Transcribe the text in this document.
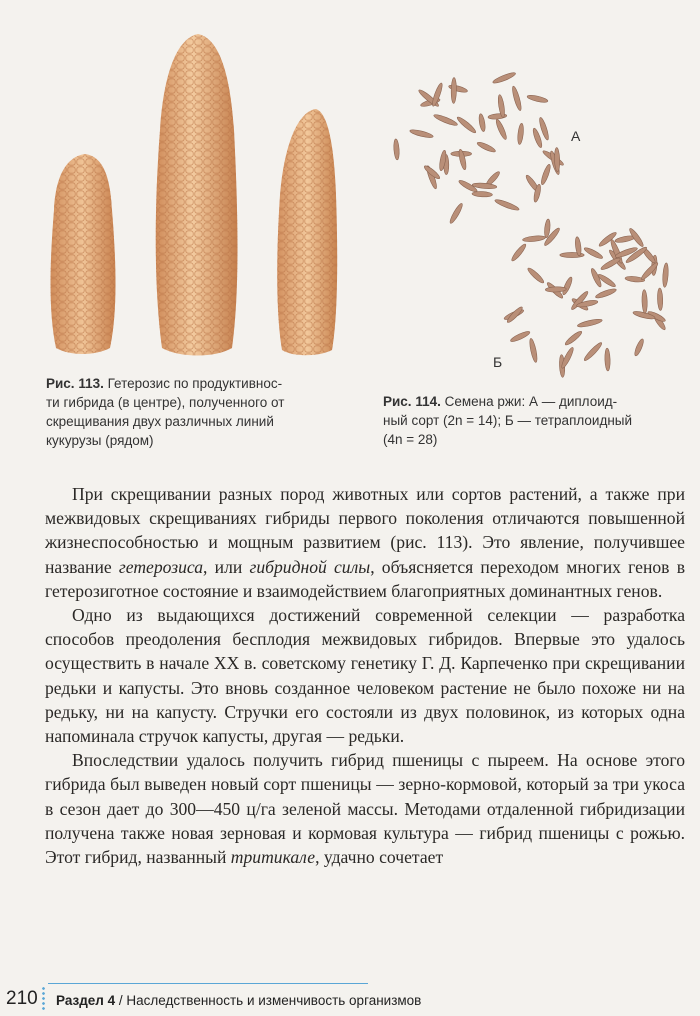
А
Б
Рис. 113. Гетерозис по продуктивнос-
ти гибрида (в центре), полученного от
скрещивания двух различных линий
кукурузы (рядом)
Рис. 114. Семена ржи: А — диплоид-
ный сорт (2n = 14); Б — тетраплоидный
(4n = 28)

При скрещивании разных пород животных или сортов растений, а также при межвидовых скрещиваниях гибриды первого поколения отличаются повышенной жизнеспособностью и мощным развитием (рис. 113). Это явление, получившее название гетерозиса, или гибридной силы, объясняется переходом многих генов в гетерозиготное состояние и взаимодействием благоприятных доминантных генов.

Одно из выдающихся достижений современной селекции — разработка способов преодоления бесплодия межвидовых гибридов. Впервые это удалось осуществить в начале XX в. советскому генетику Г. Д. Карпеченко при скрещивании редьки и капусты. Это вновь созданное человеком растение не было похоже ни на редьку, ни на капусту. Стручки его состояли из двух половинок, из которых одна напоминала стручок капусты, другая — редьки.

Впоследствии удалось получить гибрид пшеницы с пыреем. На основе этого гибрида был выведен новый сорт пшеницы — зерно-кормовой, который за три укоса в сезон дает до 300—450 ц/га зеленой массы. Методами отдаленной гибридизации получена также новая зерновая и кормовая культура — гибрид пшеницы с рожью. Этот гибрид, названный тритикале, удачно сочетает

210 Раздел 4 / Наследственность и изменчивость организмов
